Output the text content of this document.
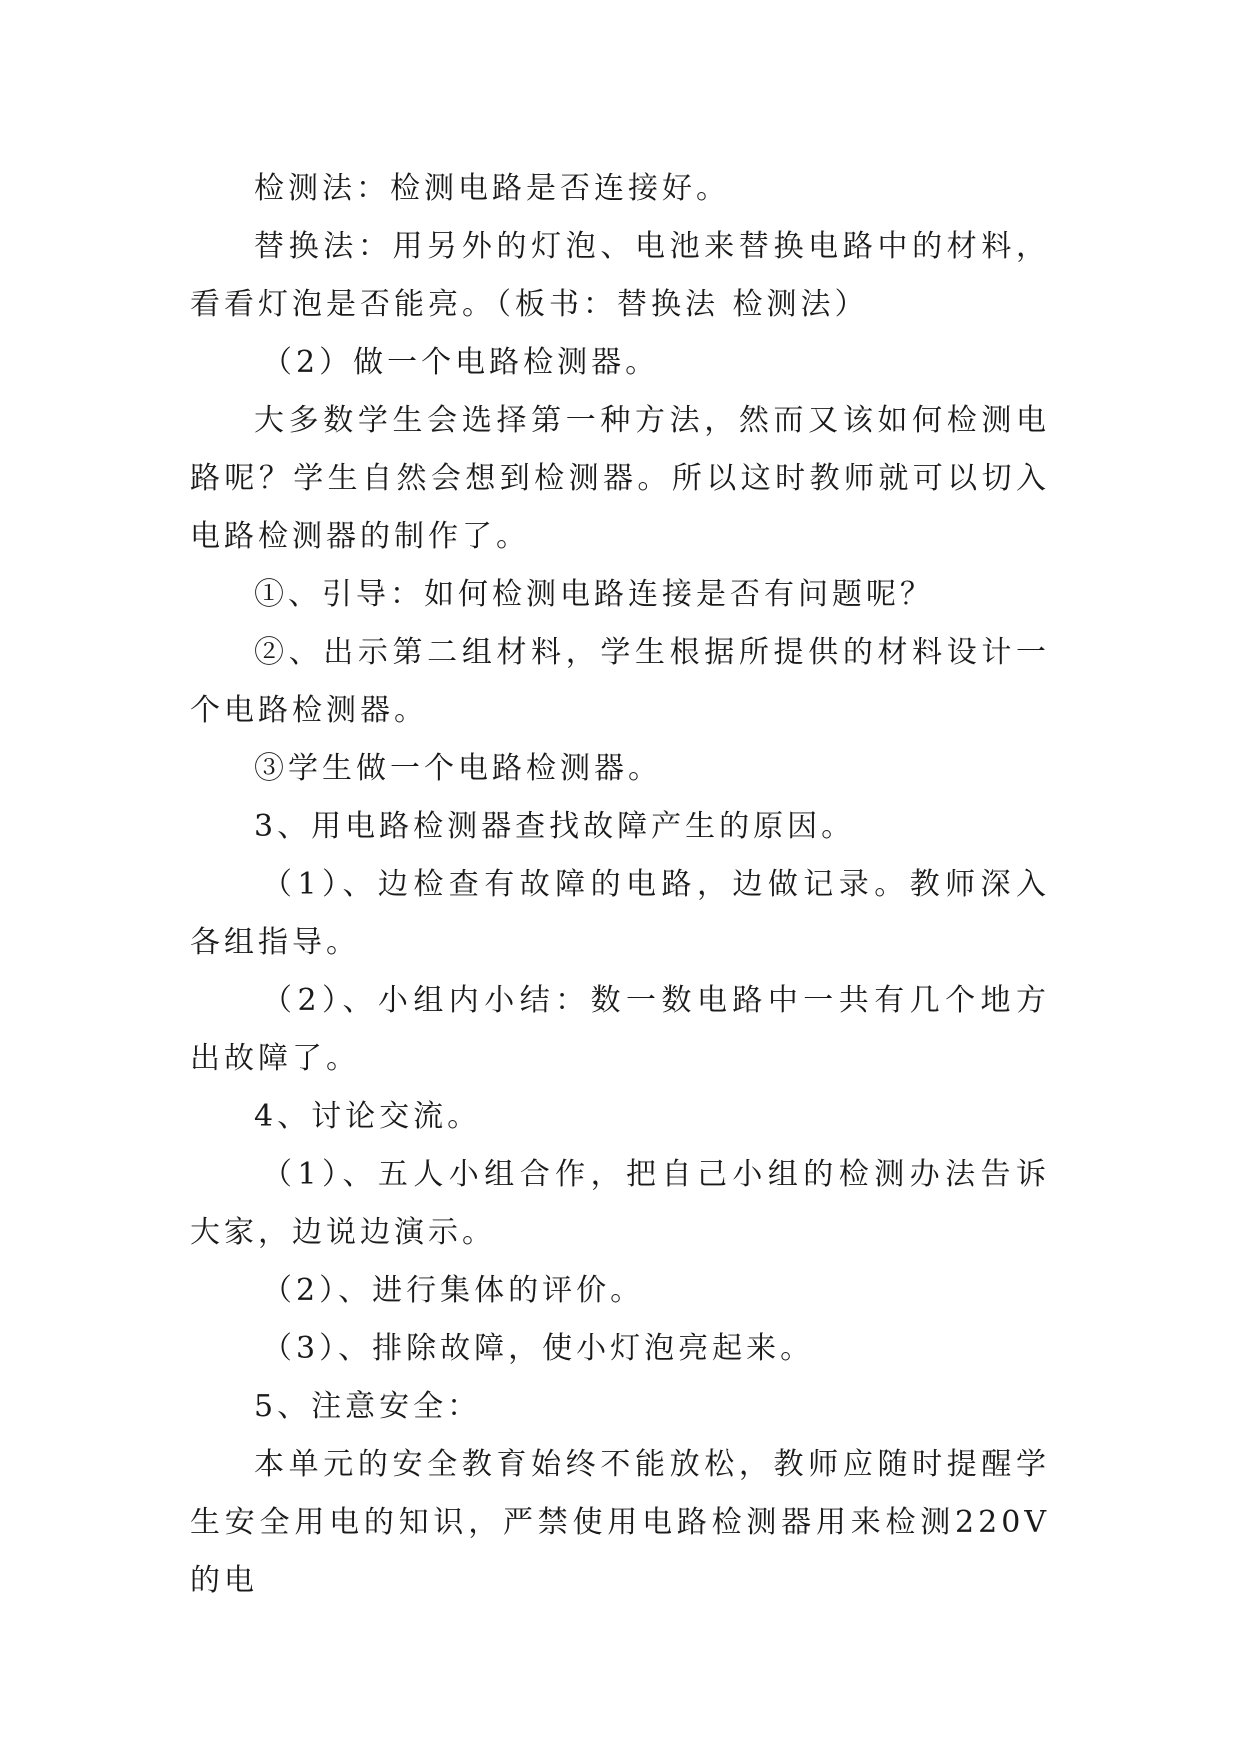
检测法：检测电路是否连接好。

替换法：用另外的灯泡、电池来替换电路中的材料，看看灯泡是否能亮。（板书：替换法 检测法）

（2）做一个电路检测器。

大多数学生会选择第一种方法，然而又该如何检测电路呢？学生自然会想到检测器。所以这时教师就可以切入电路检测器的制作了。

①、引导：如何检测电路连接是否有问题呢？

②、出示第二组材料，学生根据所提供的材料设计一个电路检测器。

③学生做一个电路检测器。

3、用电路检测器查找故障产生的原因。

（1）、边检查有故障的电路，边做记录。教师深入各组指导。

（2）、小组内小结：数一数电路中一共有几个地方出故障了。

4、讨论交流。

（1）、五人小组合作，把自己小组的检测办法告诉大家，边说边演示。

（2）、进行集体的评价。

（3）、排除故障，使小灯泡亮起来。

5、注意安全：

本单元的安全教育始终不能放松，教师应随时提醒学生安全用电的知识，严禁使用电路检测器用来检测220V的电
